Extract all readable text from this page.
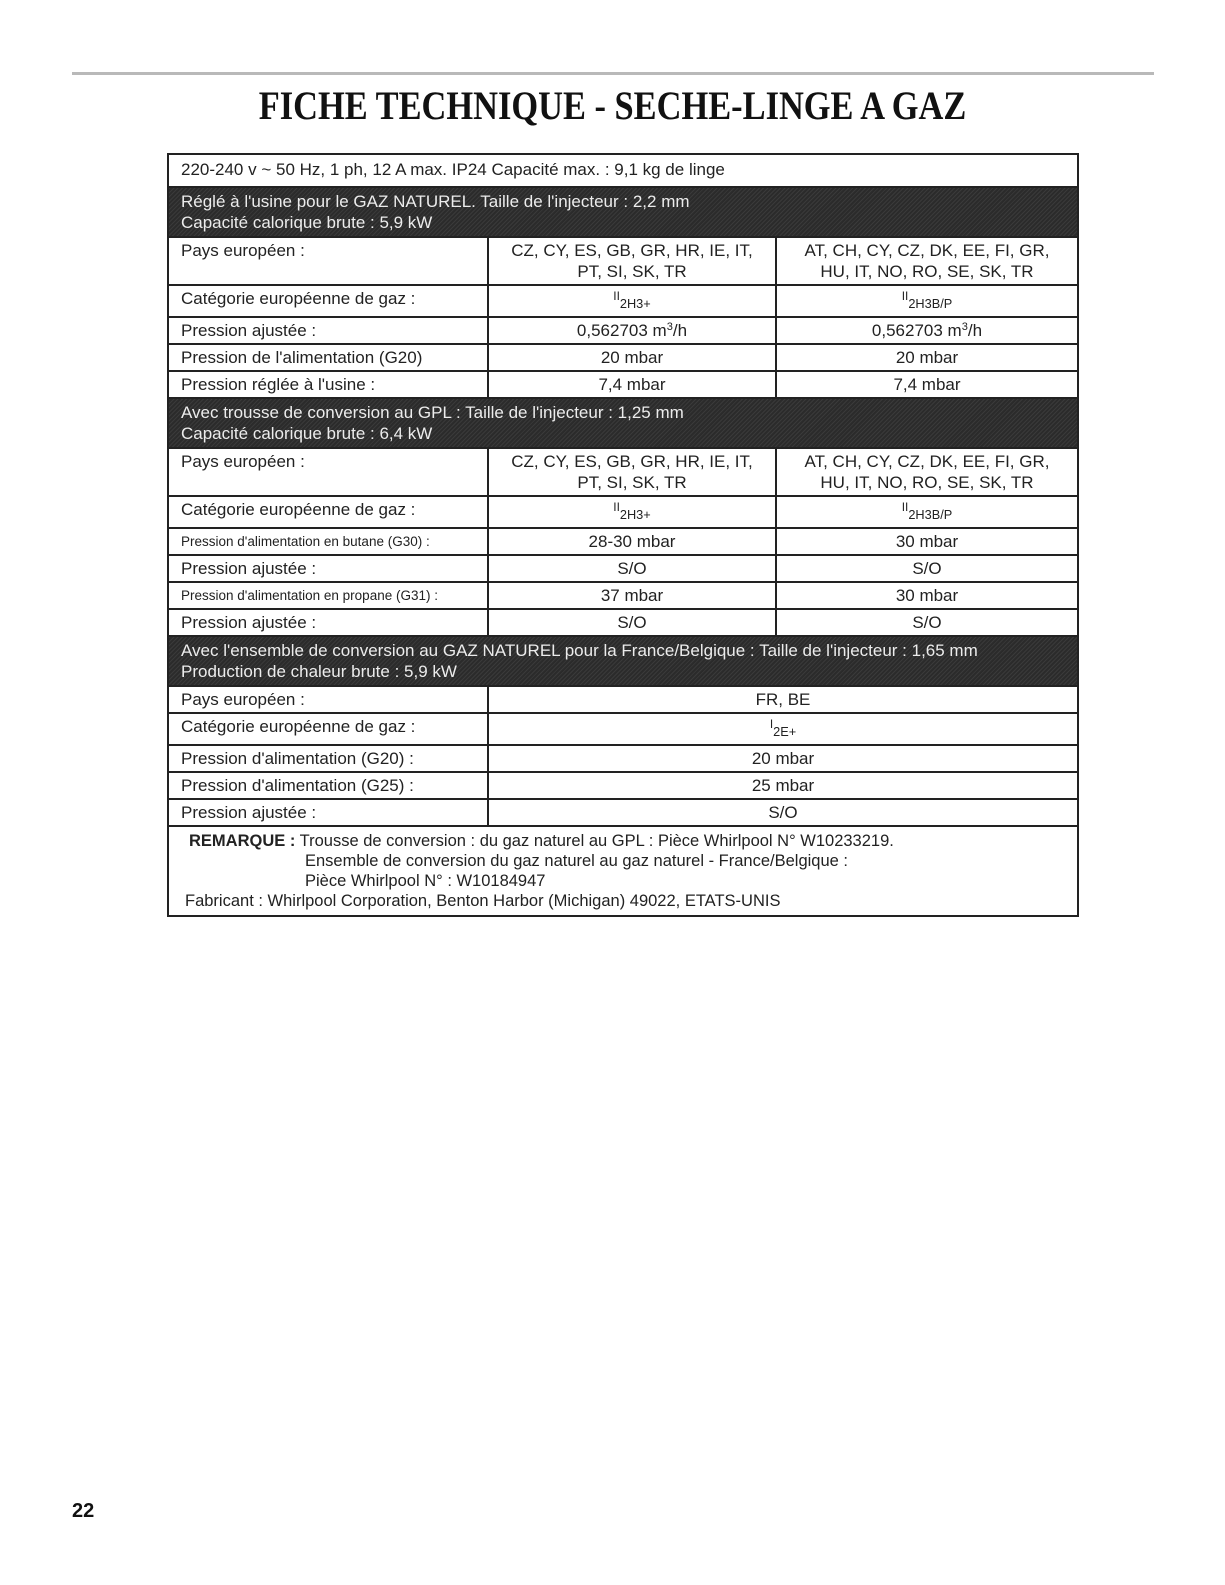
FICHE TECHNIQUE - SECHE-LINGE A GAZ
220-240 v ~ 50 Hz, 1 ph, 12 A max. IP24 Capacité max. : 9,1 kg de linge		

Réglé à l'usine pour le GAZ NATUREL. Taille de l'injecteur : 2,2 mm
Capacité calorique brute : 5,9 kW		

Pays européen :	CZ, CY, ES, GB, GR, HR, IE, IT, PT, SI, SK, TR	AT, CH, CY, CZ, DK, EE, FI, GR, HU, IT, NO, RO, SE, SK, TR
Catégorie européenne de gaz :	$^{II}_{2H3+}$	$^{II}_{2H3B/P}$
Pression ajustée :	0,562703 $m^3/h$	0,562703 $m^3/h$
Pression de l'alimentation (G20)	20 mbar	20 mbar
Pression réglée à l'usine :	7,4 mbar	7,4 mbar

Avec trousse de conversion au GPL : Taille de l'injecteur : 1,25 mm
Capacité calorique brute : 6,4 kW		

Pays européen :	CZ, CY, ES, GB, GR, HR, IE, IT, PT, SI, SK, TR	AT, CH, CY, CZ, DK, EE, FI, GR, HU, IT, NO, RO, SE, SK, TR
Catégorie européenne de gaz :	$^{II}_{2H3+}$	$^{II}_{2H3B/P}$
Pression d'alimentation en butane (G30) :	28-30 mbar	30 mbar
Pression ajustée :	S/O	S/O
Pression d'alimentation en propane (G31) :	37 mbar	30 mbar
Pression ajustée :	S/O	S/O

Avec l'ensemble de conversion au GAZ NATUREL pour la France/Belgique : Taille de l'injecteur : 1,65 mm
Production de chaleur brute : 5,9 kW		

Pays européen :	FR, BE	
Catégorie européenne de gaz :	$^I_{2E+}$
Pression d'alimentation (G20) :	20 mbar	
Pression d'alimentation (G25) :	25 mbar	
Pression ajustée :	S/O	

REMARQUE : Trousse de conversion : du gaz naturel au GPL : Pièce Whirlpool N° W10233219.
Ensemble de conversion du gaz naturel au gaz naturel - France/Belgique :
Pièce Whirlpool N° : W10184947
Fabricant : Whirlpool Corporation, Benton Harbor (Michigan) 49022, ETATS-UNIS		
22
